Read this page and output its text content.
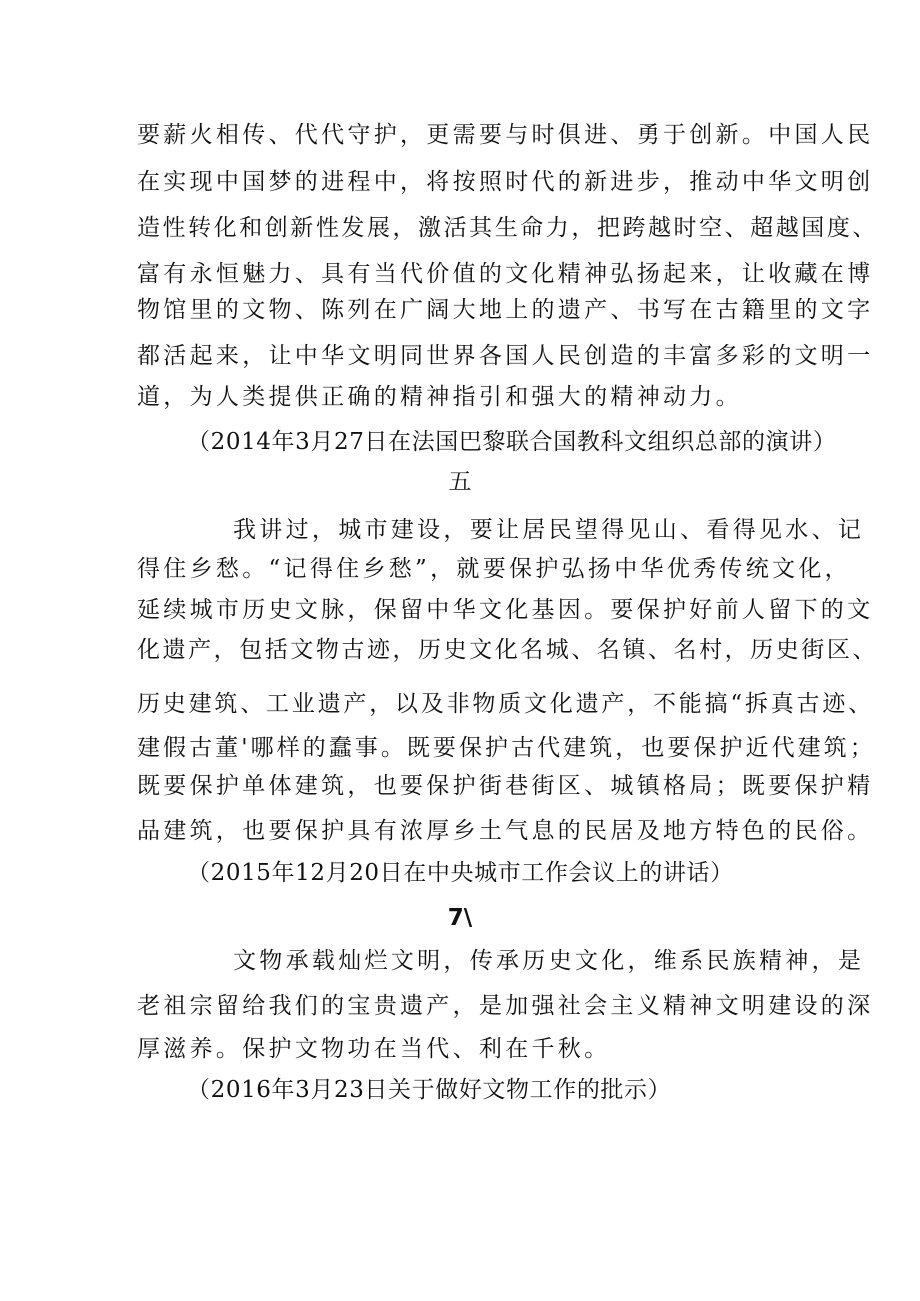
要薪火相传、代代守护，更需要与时俱进、勇于创新。中国人民
在实现中国梦的进程中，将按照时代的新进步，推动中华文明创
造性转化和创新性发展，激活其生命力，把跨越时空、超越国度、
富有永恒魅力、具有当代价值的文化精神弘扬起来，让收藏在博
物馆里的文物、陈列在广阔大地上的遗产、书写在古籍里的文字
都活起来，让中华文明同世界各国人民创造的丰富多彩的文明一
道，为人类提供正确的精神指引和强大的精神动力。
（2014年3月27日在法国巴黎联合国教科文组织总部的演讲）
五
我讲过，城市建设，要让居民望得见山、看得见水、记
得住乡愁。“记得住乡愁”，就要保护弘扬中华优秀传统文化，
延续城市历史文脉，保留中华文化基因。要保护好前人留下的文
化遗产，包括文物古迹，历史文化名城、名镇、名村，历史街区、
历史建筑、工业遗产，以及非物质文化遗产，不能搞“拆真古迹、
建假古董'哪样的蠢事。既要保护古代建筑，也要保护近代建筑；
既要保护单体建筑，也要保护街巷街区、城镇格局；既要保护精
品建筑，也要保护具有浓厚乡土气息的民居及地方特色的民俗。
（2015年12月20日在中央城市工作会议上的讲话）
7\
文物承载灿烂文明，传承历史文化，维系民族精神，是
老祖宗留给我们的宝贵遗产，是加强社会主义精神文明建设的深
厚滋养。保护文物功在当代、利在千秋。
（2016年3月23日关于做好文物工作的批示）
